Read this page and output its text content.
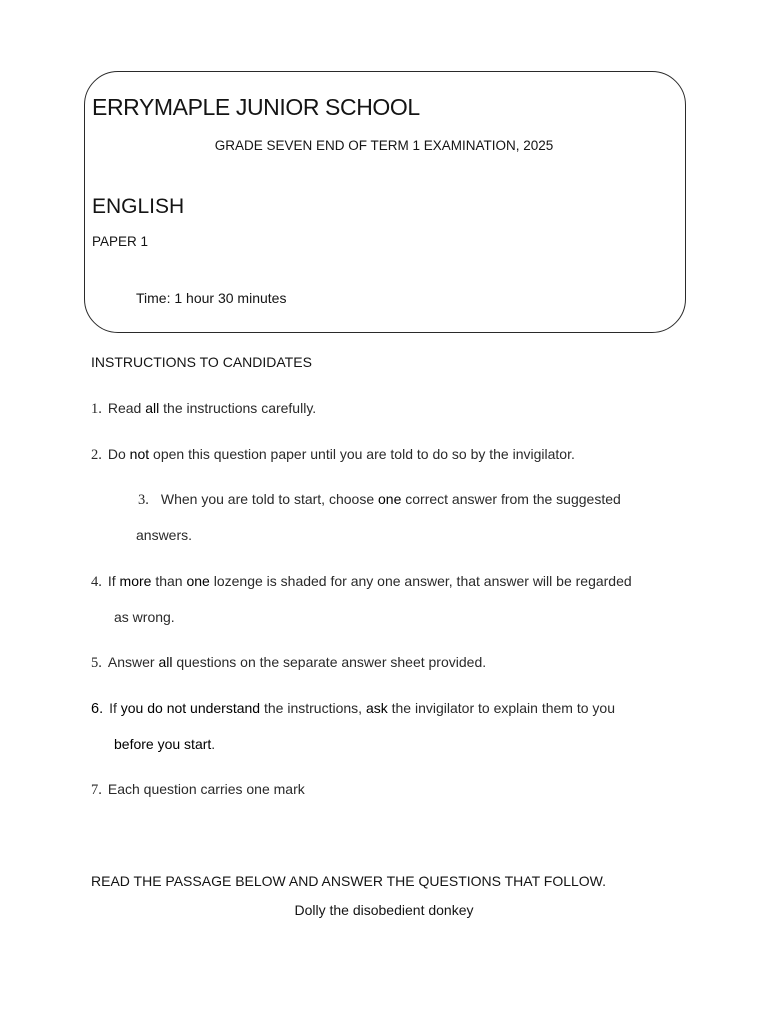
ERRYMAPLE JUNIOR SCHOOL
GRADE SEVEN END OF TERM 1 EXAMINATION, 2025
ENGLISH
PAPER 1
Time: 1 hour 30 minutes
INSTRUCTIONS TO CANDIDATES
1. Read all the instructions carefully.
2. Do not open this question paper until you are told to do so by the invigilator.
3. When you are told to start, choose one correct answer from the suggested
answers.
4. If more than one lozenge is shaded for any one answer, that answer will be regarded
as wrong.
5. Answer all questions on the separate answer sheet provided.
6. If you do not understand the instructions, ask the invigilator to explain them to you
before you start.
7. Each question carries one mark
READ THE PASSAGE BELOW AND ANSWER THE QUESTIONS THAT FOLLOW.
Dolly the disobedient donkey
